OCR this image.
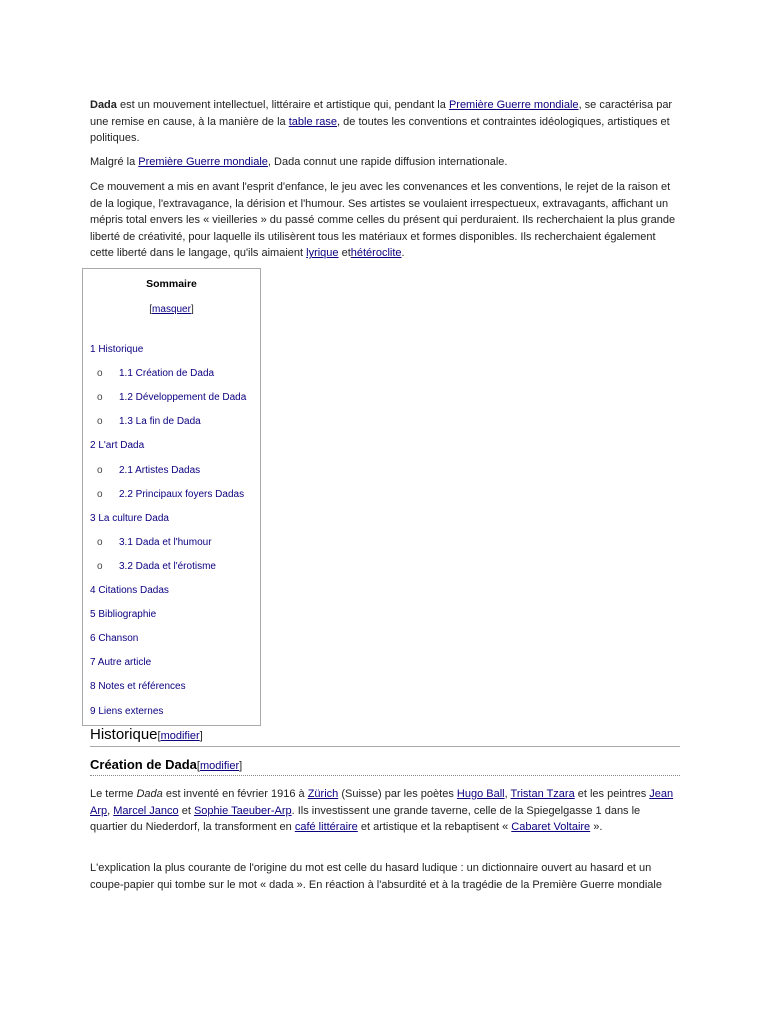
Dada est un mouvement intellectuel, littéraire et artistique qui, pendant la Première Guerre mondiale, se caractérisa par une remise en cause, à la manière de la table rase, de toutes les conventions et contraintes idéologiques, artistiques et politiques.

Malgré la Première Guerre mondiale, Dada connut une rapide diffusion internationale.

Ce mouvement a mis en avant l'esprit d'enfance, le jeu avec les convenances et les conventions, le rejet de la raison et de la logique, l'extravagance, la dérision et l'humour. Ses artistes se voulaient irrespectueux, extravagants, affichant un mépris total envers les « vieilleries » du passé comme celles du présent qui perduraient. Ils recherchaient la plus grande liberté de créativité, pour laquelle ils utilisèrent tous les matériaux et formes disponibles. Ils recherchaient également cette liberté dans le langage, qu'ils aimaient lyrique ethétéroclite.

Sommaire
[masquer]
1 Historique
o 1.1 Création de Dada
o 1.2 Développement de Dada
o 1.3 La fin de Dada
2 L'art Dada
o 2.1 Artistes Dadas
o 2.2 Principaux foyers Dadas
3 La culture Dada
o 3.1 Dada et l'humour
o 3.2 Dada et l'érotisme
4 Citations Dadas
5 Bibliographie
6 Chanson
7 Autre article
8 Notes et références
9 Liens externes
Historique[modifier]
Création de Dada[modifier]

Le terme Dada est inventé en février 1916 à Zürich (Suisse) par les poètes Hugo Ball, Tristan Tzara et les peintres Jean Arp, Marcel Janco et Sophie Taeuber-Arp. Ils investissent une grande taverne, celle de la Spiegelgasse 1 dans le quartier du Niederdorf, la transforment en café littéraire et artistique et la rebaptisent « Cabaret Voltaire ».

L'explication la plus courante de l'origine du mot est celle du hasard ludique : un dictionnaire ouvert au hasard et un coupe-papier qui tombe sur le mot « dada ». En réaction à l'absurdité et à la tragédie de la Première Guerre mondiale
